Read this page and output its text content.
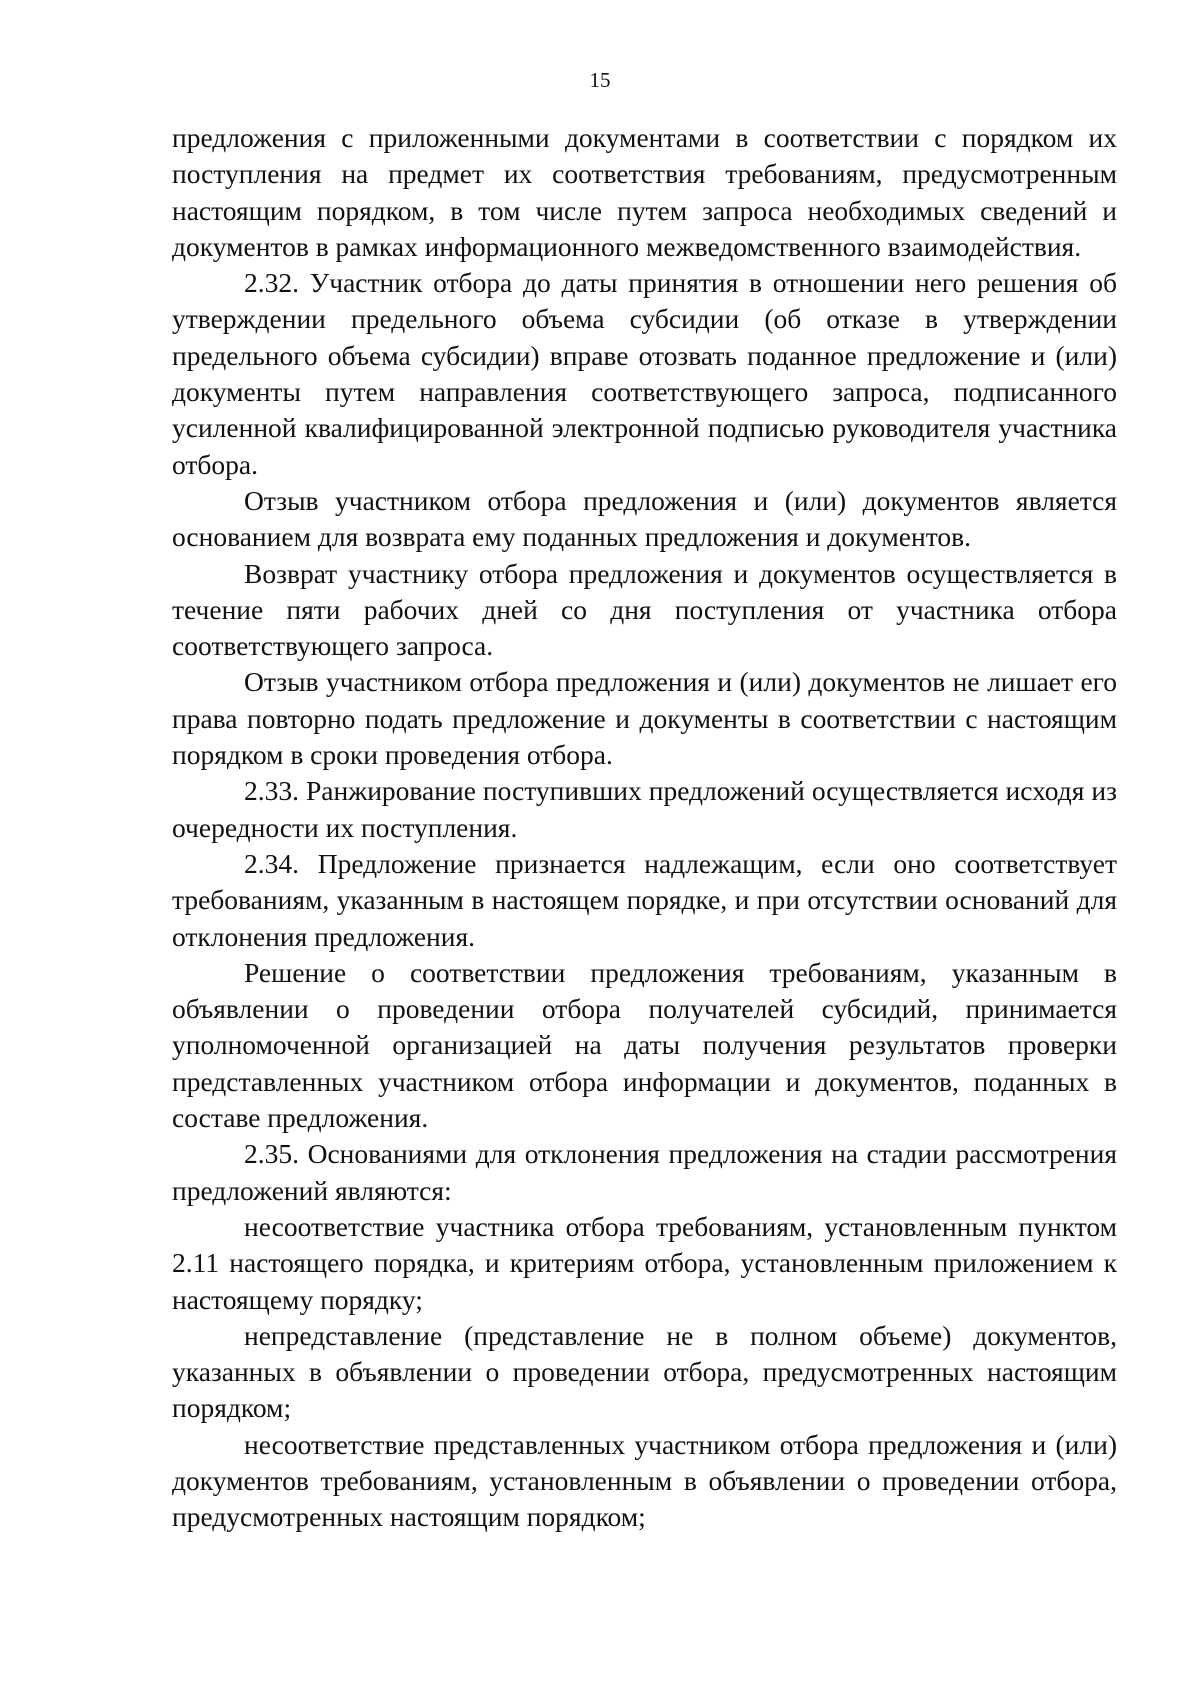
15

предложения с приложенными документами в соответствии с порядком их поступления на предмет их соответствия требованиям, предусмотренным настоящим порядком, в том числе путем запроса необходимых сведений и документов в рамках информационного межведомственного взаимодействия.

2.32. Участник отбора до даты принятия в отношении него решения об утверждении предельного объема субсидии (об отказе в утверждении предельного объема субсидии) вправе отозвать поданное предложение и (или) документы путем направления соответствующего запроса, подписанного усиленной квалифицированной электронной подписью руководителя участника отбора.

Отзыв участником отбора предложения и (или) документов является основанием для возврата ему поданных предложения и документов.

Возврат участнику отбора предложения и документов осуществляется в течение пяти рабочих дней со дня поступления от участника отбора соответствующего запроса.

Отзыв участником отбора предложения и (или) документов не лишает его права повторно подать предложение и документы в соответствии с настоящим порядком в сроки проведения отбора.

2.33. Ранжирование поступивших предложений осуществляется исходя из очередности их поступления.

2.34. Предложение признается надлежащим, если оно соответствует требованиям, указанным в настоящем порядке, и при отсутствии оснований для отклонения предложения.

Решение о соответствии предложения требованиям, указанным в объявлении о проведении отбора получателей субсидий, принимается уполномоченной организацией на даты получения результатов проверки представленных участником отбора информации и документов, поданных в составе предложения.

2.35. Основаниями для отклонения предложения на стадии рассмотрения предложений являются:

несоответствие участника отбора требованиям, установленным пунктом 2.11 настоящего порядка, и критериям отбора, установленным приложением к настоящему порядку;

непредставление (представление не в полном объеме) документов, указанных в объявлении о проведении отбора, предусмотренных настоящим порядком;

несоответствие представленных участником отбора предложения и (или) документов требованиям, установленным в объявлении о проведении отбора, предусмотренных настоящим порядком;
